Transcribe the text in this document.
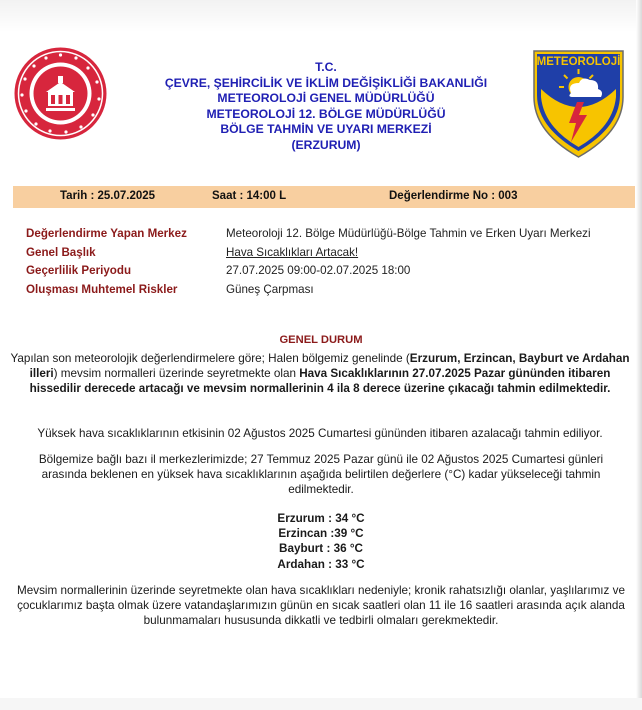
METEOROLOJİ
T.C.
ÇEVRE, ŞEHİRCİLİK VE İKLİM DEĞİŞİKLİĞİ BAKANLIĞI
METEOROLOJİ GENEL MÜDÜRLÜĞÜ
METEOROLOJİ 12. BÖLGE MÜDÜRLÜĞÜ
BÖLGE TAHMİN VE UYARI MERKEZİ
(ERZURUM)
Tarih : 25.07.2025	Saat : 14:00 L	Değerlendirme No : 003
Değerlendirme Yapan Merkez	Meteoroloji 12. Bölge Müdürlüğü-Bölge Tahmin ve Erken Uyarı Merkezi
Genel Başlık	Hava Sıcaklıkları Artacak!
Geçerlilik Periyodu	27.07.2025 09:00-02.07.2025 18:00
Oluşması Muhtemel Riskler	Güneş Çarpması
GENEL DURUM
Yapılan son meteorolojik değerlendirmelere göre; Halen bölgemiz genelinde (Erzurum, Erzincan, Bayburt ve Ardahan illeri) mevsim normalleri üzerinde seyretmekte olan Hava Sıcaklıklarının 27.07.2025 Pazar gününden itibaren hissedilir derecede artacağı ve mevsim normallerinin 4 ila 8 derece üzerine çıkacağı tahmin edilmektedir.
Yüksek hava sıcaklıklarının etkisinin 02 Ağustos 2025 Cumartesi gününden itibaren azalacağı tahmin ediliyor.
Bölgemize bağlı bazı il merkezlerimizde; 27 Temmuz 2025 Pazar günü ile 02 Ağustos 2025 Cumartesi günleri arasında beklenen en yüksek hava sıcaklıklarının aşağıda belirtilen değerlere (°C) kadar yükseleceği tahmin edilmektedir.
Erzurum : 34 °C
Erzincan :39 °C
Bayburt : 36 °C
Ardahan : 33 °C
Mevsim normallerinin üzerinde seyretmekte olan hava sıcaklıkları nedeniyle; kronik rahatsızlığı olanlar, yaşlılarımız ve çocuklarımız başta olmak üzere vatandaşlarımızın günün en sıcak saatleri olan 11 ile 16 saatleri arasında açık alanda bulunmamaları hususunda dikkatli ve tedbirli olmaları gerekmektedir.
